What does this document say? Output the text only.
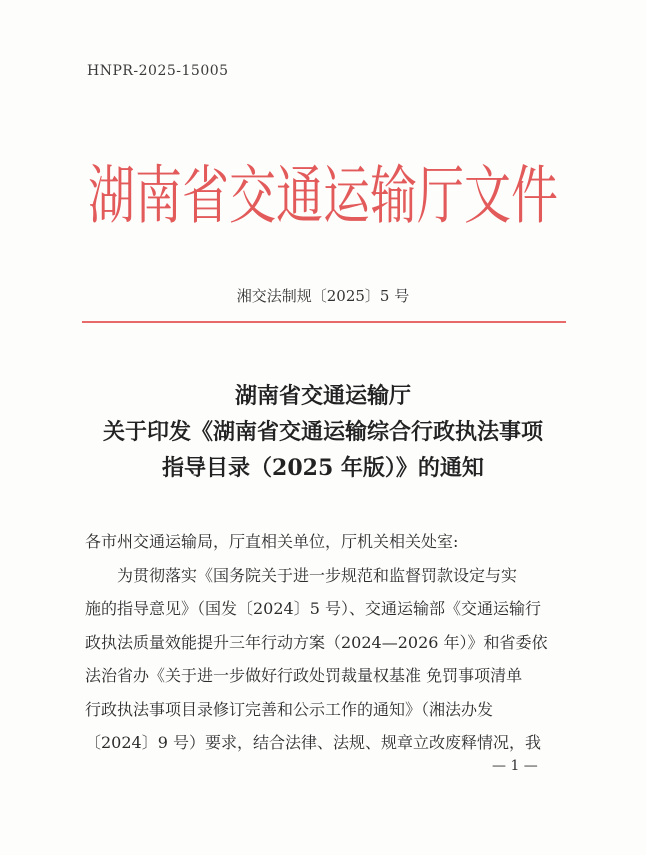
HNPR-2025-15005
湖南省交通运输厅文件
湘交法制规〔2025〕5 号
湖南省交通运输厅
关于印发《湖南省交通运输综合行政执法事项
指导目录（2025 年版）》的通知
各市州交通运输局，厅直相关单位，厅机关相关处室:
为贯彻落实《国务院关于进一步规范和监督罚款设定与实
施的指导意见》（国发〔2024〕5 号）、交通运输部《交通运输行
政执法质量效能提升三年行动方案（2024—2026 年）》和省委依
法治省办《关于进一步做好行政处罚裁量权基准 免罚事项清单
行政执法事项目录修订完善和公示工作的通知》（湘法办发
〔2024〕9 号）要求，结合法律、法规、规章立改废释情况，我
— 1 —
